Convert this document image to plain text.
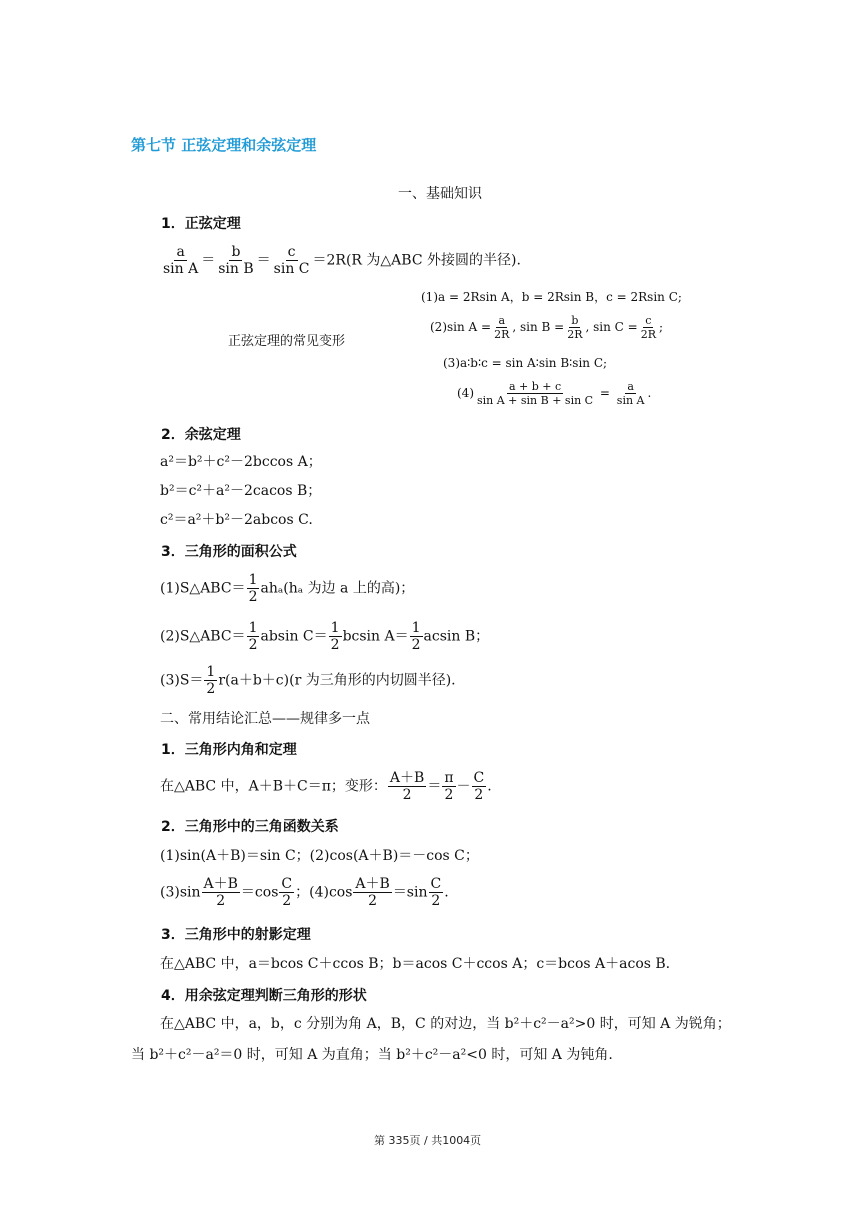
第七节 正弦定理和余弦定理
一、基础知识
1．正弦定理
$\frac{a}{\text{sin A}} = \frac{b}{\text{sin B}} = \frac{c}{\text{sin C}} =2R(R$ 为△ABC 外接圆的半径).
正弦定理的常见变形
(1)a = 2Rsin A，b = 2Rsin B，c = 2Rsin C;
(2)sin $A = \frac{a}{2R}$ , $\sin B = \frac{b}{2R}$ , $\sin C = \frac{c}{2R}$ ;
(3)a∶b∶c = sin A∶sin B∶sin C;
$(4) \frac{a + b + c}{\text{sin A + sin B + sin C}} = \frac{a}{\text{sin A}}$ .
2．余弦定理
a²＝b²＋c²－2bccos A；
b²＝c²＋a²－2cacos B；
c²＝a²＋b²－2abcos C.
3．三角形的面积公式
(1)S△ABC＝ $\frac{1}{2} ah_a(h_a$ 为边 a 上的高)；
(2)S△ABC＝ $\frac{1}{2}$ absin $C= \frac{1}{2}$ bcsin $A= \frac{1}{2}$ acsin B；
$(3)S= \frac{1}{2} r(a+b+c)(r$ 为三角形的内切圆半径).
二、常用结论汇总——规律多一点
1．三角形内角和定理
在△ABC 中，A＋B＋C＝π；变形： $\frac{A+B}{2} = \frac{\pi}{2} - \frac{C}{2}$ .
2．三角形中的三角函数关系
(1)sin(A＋B)＝sin C；(2)cos(A＋B)＝－cos C；
$(3)\sin \frac{A+B}{2} =\cos \frac{C}{2}$ ；$(4)\cos \frac{A+B}{2} =\sin \frac{C}{2}$ .
3．三角形中的射影定理
在△ABC 中，a＝bcos C＋ccos B；b＝acos C＋ccos A；c＝bcos A＋acos B.
4．用余弦定理判断三角形的形状
在△ABC 中，a，b，c 分别为角 A，B，C 的对边，当 b²＋c²－a²>0 时，可知 A 为锐角；
当 b²＋c²－a²＝0 时，可知 A 为直角；当 b²＋c²－a²<0 时，可知 A 为钝角.
第 335页 / 共1004页
